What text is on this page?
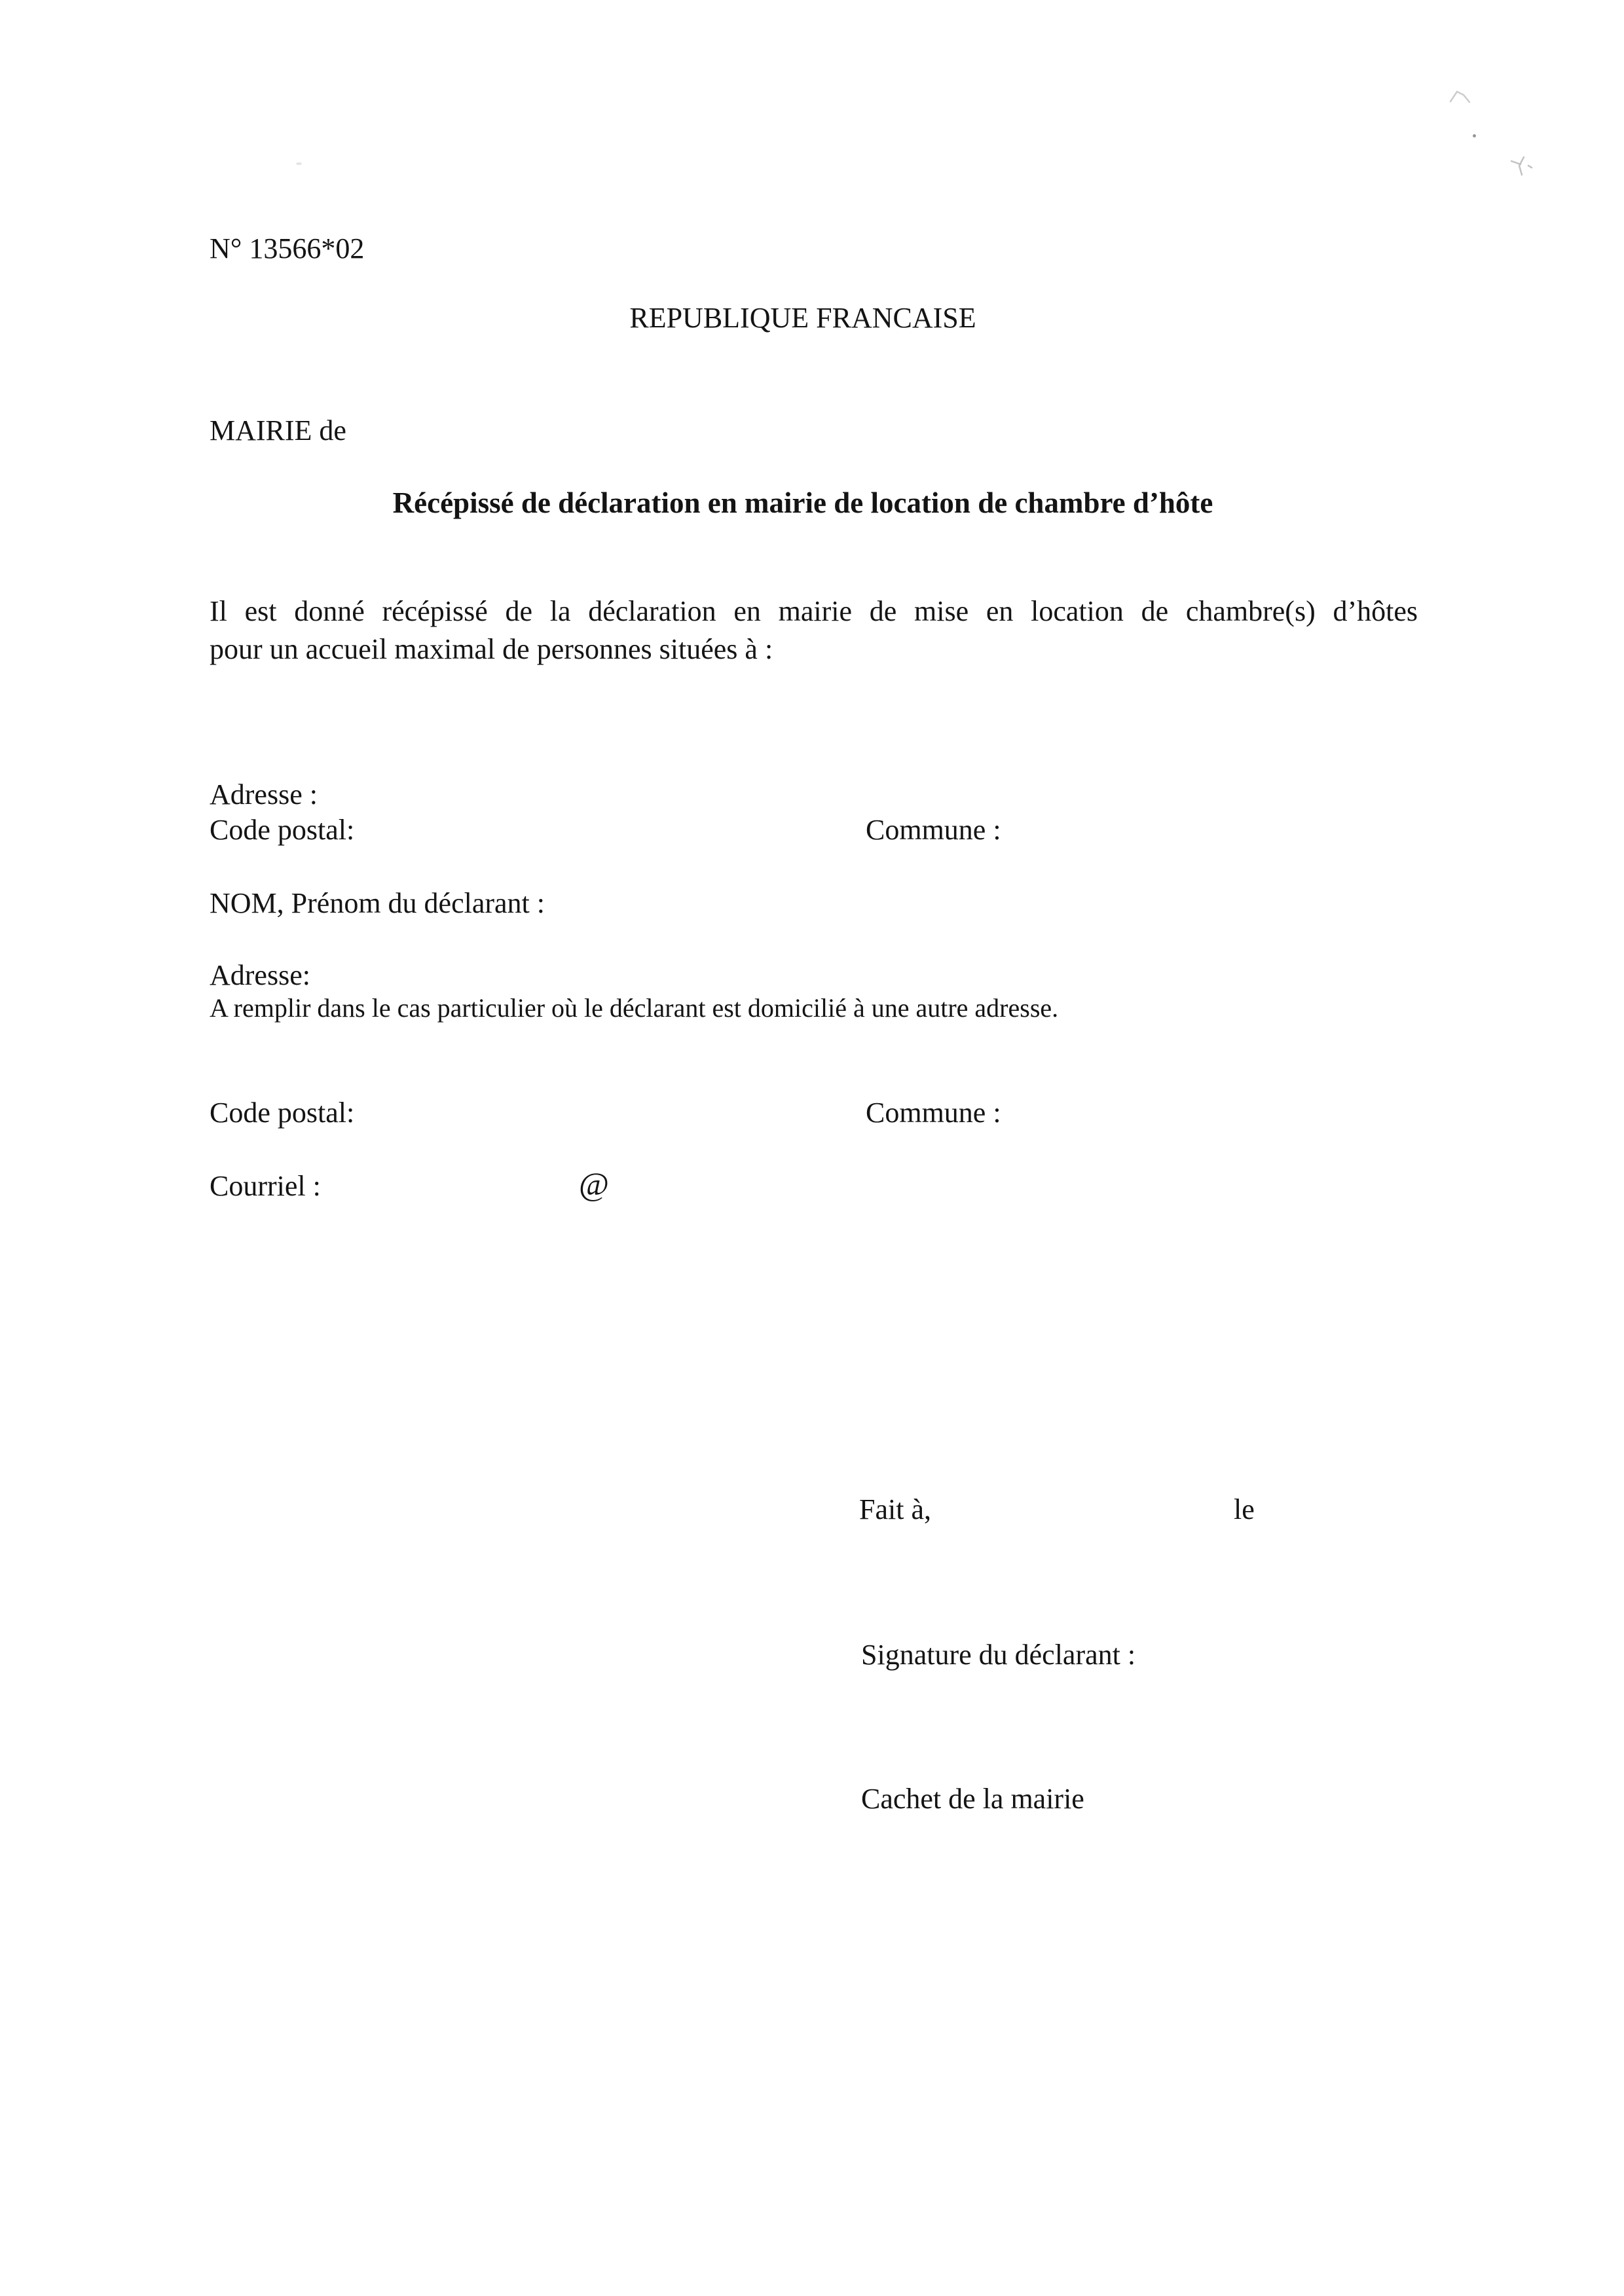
N° 13566*02
REPUBLIQUE FRANCAISE
MAIRIE de
Récépissé de déclaration en mairie de location de chambre d’hôte
Il est donné récépissé de la déclaration en mairie de mise en location de chambre(s) d’hôtes
pour un accueil maximal de personnes situées à :
Adresse :
Code postal:	Commune :
NOM, Prénom du déclarant :
Adresse:
A remplir dans le cas particulier où le déclarant est domicilié à une autre adresse.
Code postal:	Commune :
Courriel :	@
Fait à,	le
Signature du déclarant :
Cachet de la mairie
